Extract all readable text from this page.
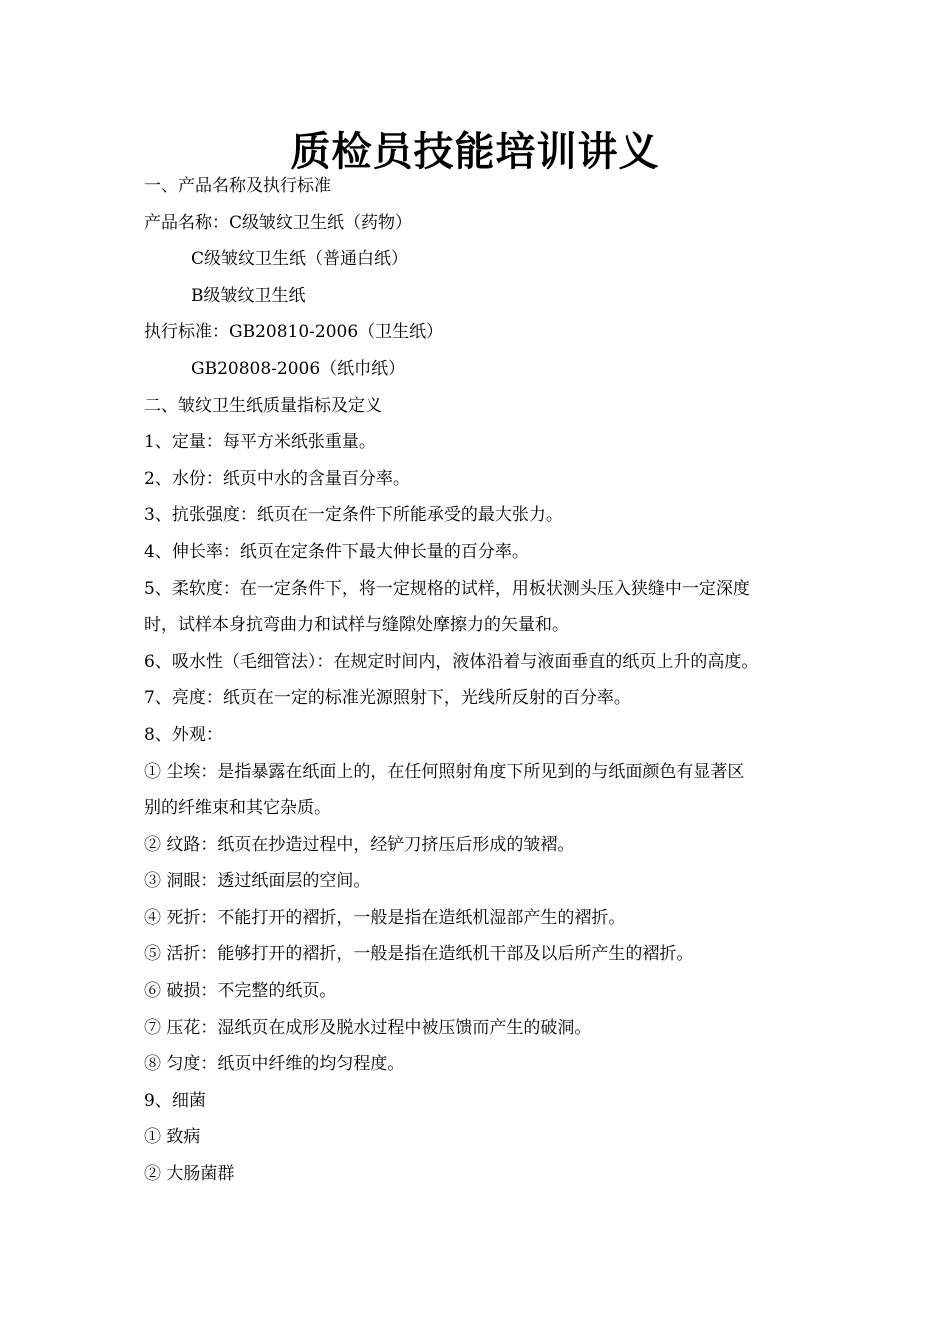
质检员技能培训讲义
一、产品名称及执行标准
产品名称：C级皱纹卫生纸（药物）
C级皱纹卫生纸（普通白纸）
B级皱纹卫生纸
执行标准：GB20810-2006（卫生纸）
GB20808-2006（纸巾纸）
二、皱纹卫生纸质量指标及定义
1、定量：每平方米纸张重量。
2、水份：纸页中水的含量百分率。
3、抗张强度：纸页在一定条件下所能承受的最大张力。
4、伸长率：纸页在定条件下最大伸长量的百分率。
5、柔软度：在一定条件下，将一定规格的试样，用板状测头压入狭缝中一定深度
时，试样本身抗弯曲力和试样与缝隙处摩擦力的矢量和。
6、吸水性（毛细管法）：在规定时间内，液体沿着与液面垂直的纸页上升的高度。
7、亮度：纸页在一定的标准光源照射下，光线所反射的百分率。
8、外观：
① 尘埃：是指暴露在纸面上的，在任何照射角度下所见到的与纸面颜色有显著区
别的纤维束和其它杂质。
② 纹路：纸页在抄造过程中，经铲刀挤压后形成的皱褶。
③ 洞眼：透过纸面层的空间。
④ 死折：不能打开的褶折，一般是指在造纸机湿部产生的褶折。
⑤ 活折：能够打开的褶折，一般是指在造纸机干部及以后所产生的褶折。
⑥ 破损：不完整的纸页。
⑦ 压花：湿纸页在成形及脱水过程中被压馈而产生的破洞。
⑧ 匀度：纸页中纤维的均匀程度。
9、细菌
① 致病
② 大肠菌群
